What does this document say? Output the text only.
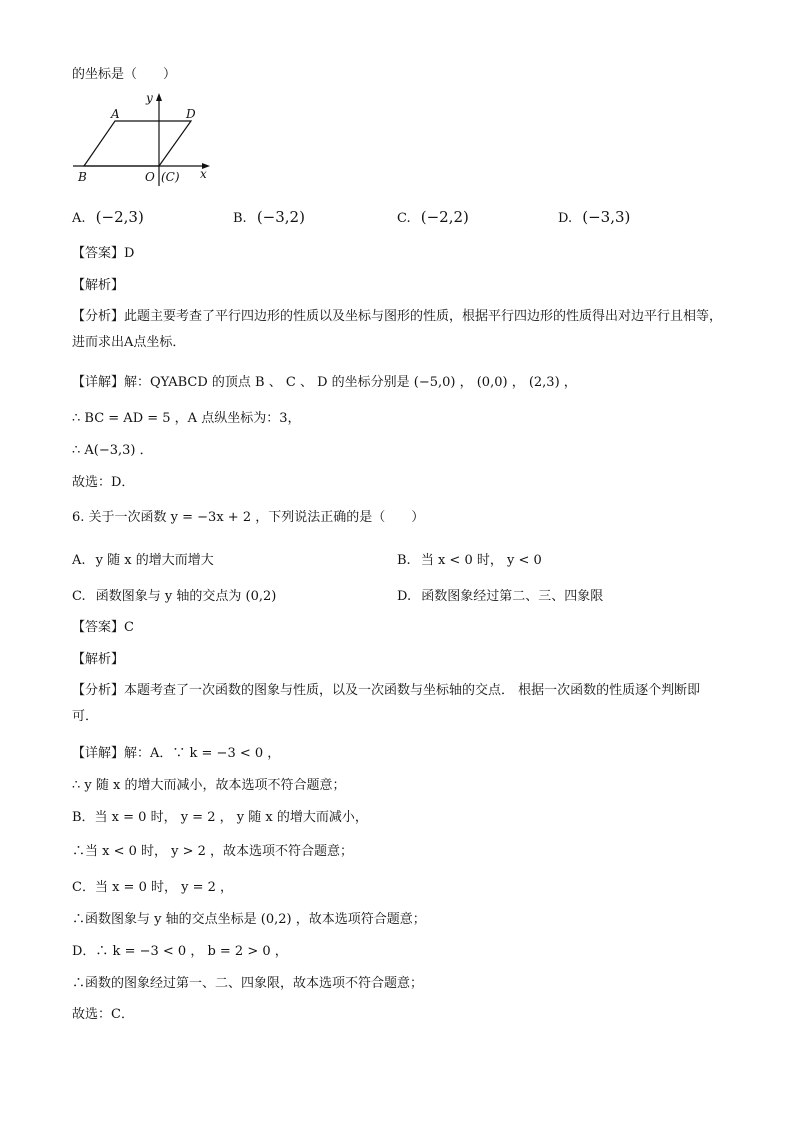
的坐标是（　　）
A	D
B	O (C) x
y
A. (−2,3)	B. (−3,2)	C. (−2,2)	D. (−3,3)
【答案】D
【解析】
【分析】此题主要考查了平行四边形的性质以及坐标与图形的性质，根据平行四边形的性质得出对边平行且相等，进而求出A点坐标．
【详解】解：QYABCD 的顶点 B 、 C 、 D 的坐标分别是 (−5,0) ， (0,0) ， (2,3) ，
∴ BC = AD = 5 ，A 点纵坐标为：3，
∴ A(−3,3) ．
故选：D．
6. 关于一次函数 y = −3x + 2 ，下列说法正确的是（　　）
A. y 随 x 的增大而增大	B. 当 x < 0 时， y < 0
C. 函数图象与 y 轴的交点为 (0,2)	D. 函数图象经过第二、三、四象限
【答案】C
【解析】
【分析】本题考查了一次函数的图象与性质，以及一次函数与坐标轴的交点． 根据一次函数的性质逐个判断即可．
【详解】解：A．∵ k = −3 < 0 ，
∴ y 随 x 的增大而减小，故本选项不符合题意；
B．当 x = 0 时， y = 2 ， y 随 x 的增大而减小，
∴当 x < 0 时， y > 2 ，故本选项不符合题意；
C．当 x = 0 时， y = 2 ，
∴函数图象与 y 轴的交点坐标是 (0,2) ，故本选项符合题意；
D．∴ k = −3 < 0 ， b = 2 > 0 ，
∴函数的图象经过第一、二、四象限，故本选项不符合题意；
故选：C．
